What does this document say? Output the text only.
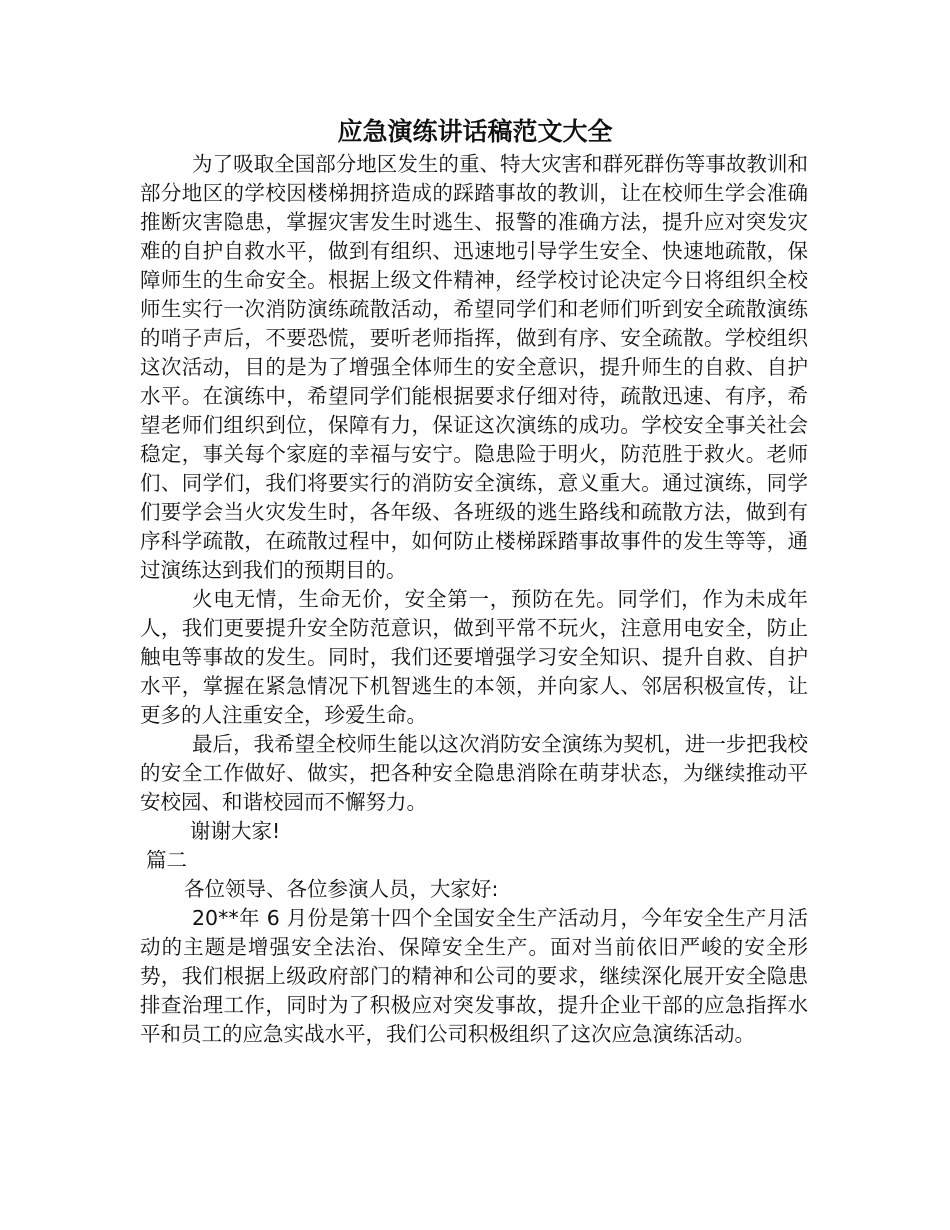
应急演练讲话稿范文大全

为了吸取全国部分地区发生的重、特大灾害和群死群伤等事故教训和部分地区的学校因楼梯拥挤造成的踩踏事故的教训，让在校师生学会准确推断灾害隐患，掌握灾害发生时逃生、报警的准确方法，提升应对突发灾难的自护自救水平，做到有组织、迅速地引导学生安全、快速地疏散，保障师生的生命安全。根据上级文件精神，经学校讨论决定今日将组织全校师生实行一次消防演练疏散活动，希望同学们和老师们听到安全疏散演练的哨子声后，不要恐慌，要听老师指挥，做到有序、安全疏散。学校组织这次活动，目的是为了增强全体师生的安全意识，提升师生的自救、自护水平。在演练中，希望同学们能根据要求仔细对待，疏散迅速、有序，希望老师们组织到位，保障有力，保证这次演练的成功。学校安全事关社会稳定，事关每个家庭的幸福与安宁。隐患险于明火，防范胜于救火。老师们、同学们，我们将要实行的消防安全演练，意义重大。通过演练，同学们要学会当火灾发生时，各年级、各班级的逃生路线和疏散方法，做到有序科学疏散，在疏散过程中，如何防止楼梯踩踏事故事件的发生等等，通过演练达到我们的预期目的。

火电无情，生命无价，安全第一，预防在先。同学们，作为未成年人，我们更要提升安全防范意识，做到平常不玩火，注意用电安全，防止触电等事故的发生。同时，我们还要增强学习安全知识、提升自救、自护水平，掌握在紧急情况下机智逃生的本领，并向家人、邻居积极宣传，让更多的人注重安全，珍爱生命。

最后，我希望全校师生能以这次消防安全演练为契机，进一步把我校的安全工作做好、做实，把各种安全隐患消除在萌芽状态，为继续推动平安校园、和谐校园而不懈努力。

谢谢大家!

篇二

各位领导、各位参演人员，大家好:

20**年 6 月份是第十四个全国安全生产活动月，今年安全生产月活动的主题是增强安全法治、保障安全生产。面对当前依旧严峻的安全形势，我们根据上级政府部门的精神和公司的要求，继续深化展开安全隐患排查治理工作，同时为了积极应对突发事故，提升企业干部的应急指挥水平和员工的应急实战水平，我们公司积极组织了这次应急演练活动。
